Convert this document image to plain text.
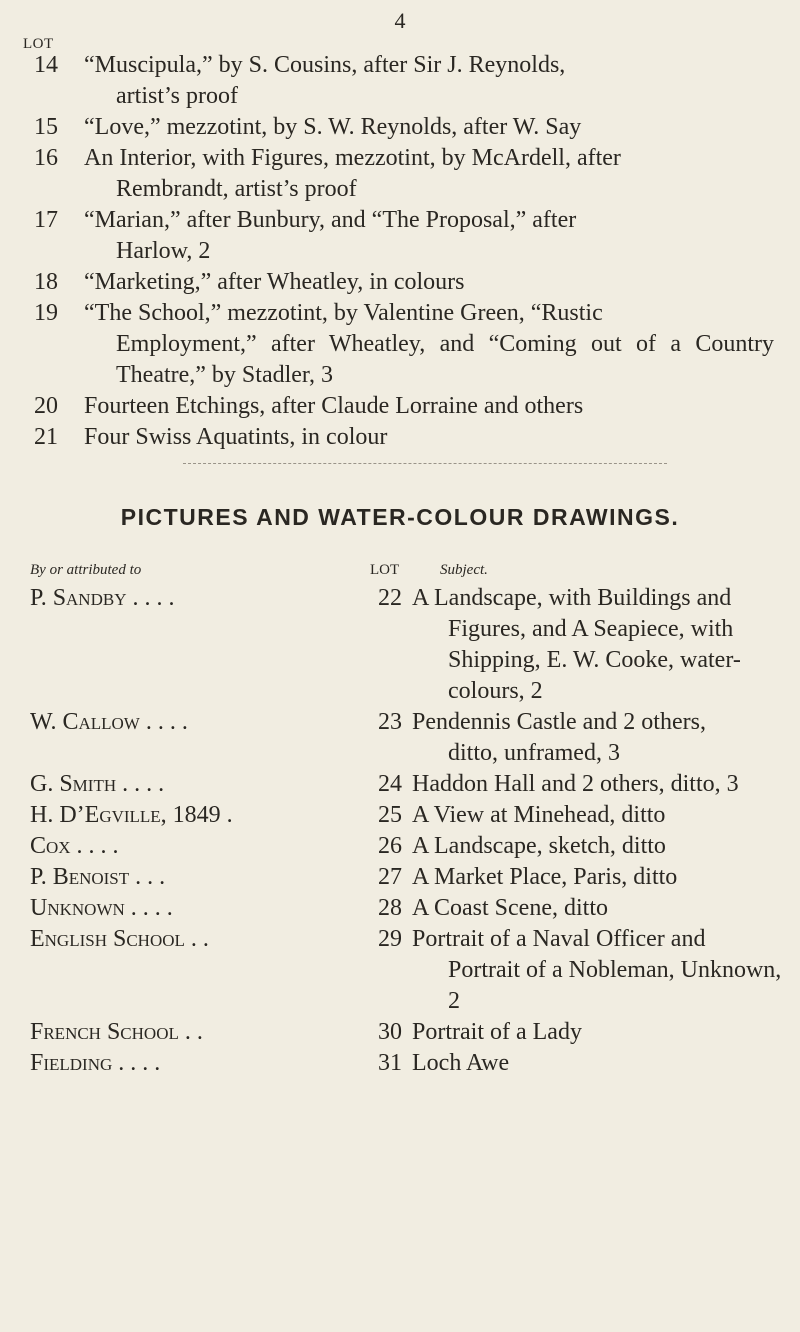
4
LOT
14	“Muscipula,” by S. Cousins, after Sir J. Reynolds,
artist’s proof
15	“Love,” mezzotint, by S. W. Reynolds, after W. Say
16	An Interior, with Figures, mezzotint, by McArdell, after
Rembrandt, artist’s proof
17	“Marian,” after Bunbury, and “The Proposal,” after
Harlow, 2
18	“Marketing,” after Wheatley, in colours
19	“The School,” mezzotint, by Valentine Green, “Rustic
Employment,” after Wheatley, and “Coming out of a Country Theatre,” by Stadler, 3
20	Fourteen Etchings, after Claude Lorraine and others
21	Four Swiss Aquatints, in colour
PICTURES AND WATER-COLOUR DRAWINGS.
By or attributed to	LOT	Subject.
P. Sandby . . . .	22 A Landscape, with Buildings and
Figures, and A Seapiece, with Shipping, E. W. Cooke, water-colours, 2
W. Callow . . . .	23 Pendennis Castle and 2 others,
ditto, unframed, 3
G. Smith . . . .	24 Haddon Hall and 2 others, ditto, 3
H. D’Egville, 1849 .	25 A View at Minehead, ditto
Cox . . . .	26 A Landscape, sketch, ditto
P. Benoist . . .	27 A Market Place, Paris, ditto
Unknown . . . .	28 A Coast Scene, ditto
English School . .	29 Portrait of a Naval Officer and
Portrait of a Nobleman, Unknown, 2
French School . .	30 Portrait of a Lady
Fielding . . . .	31 Loch Awe
